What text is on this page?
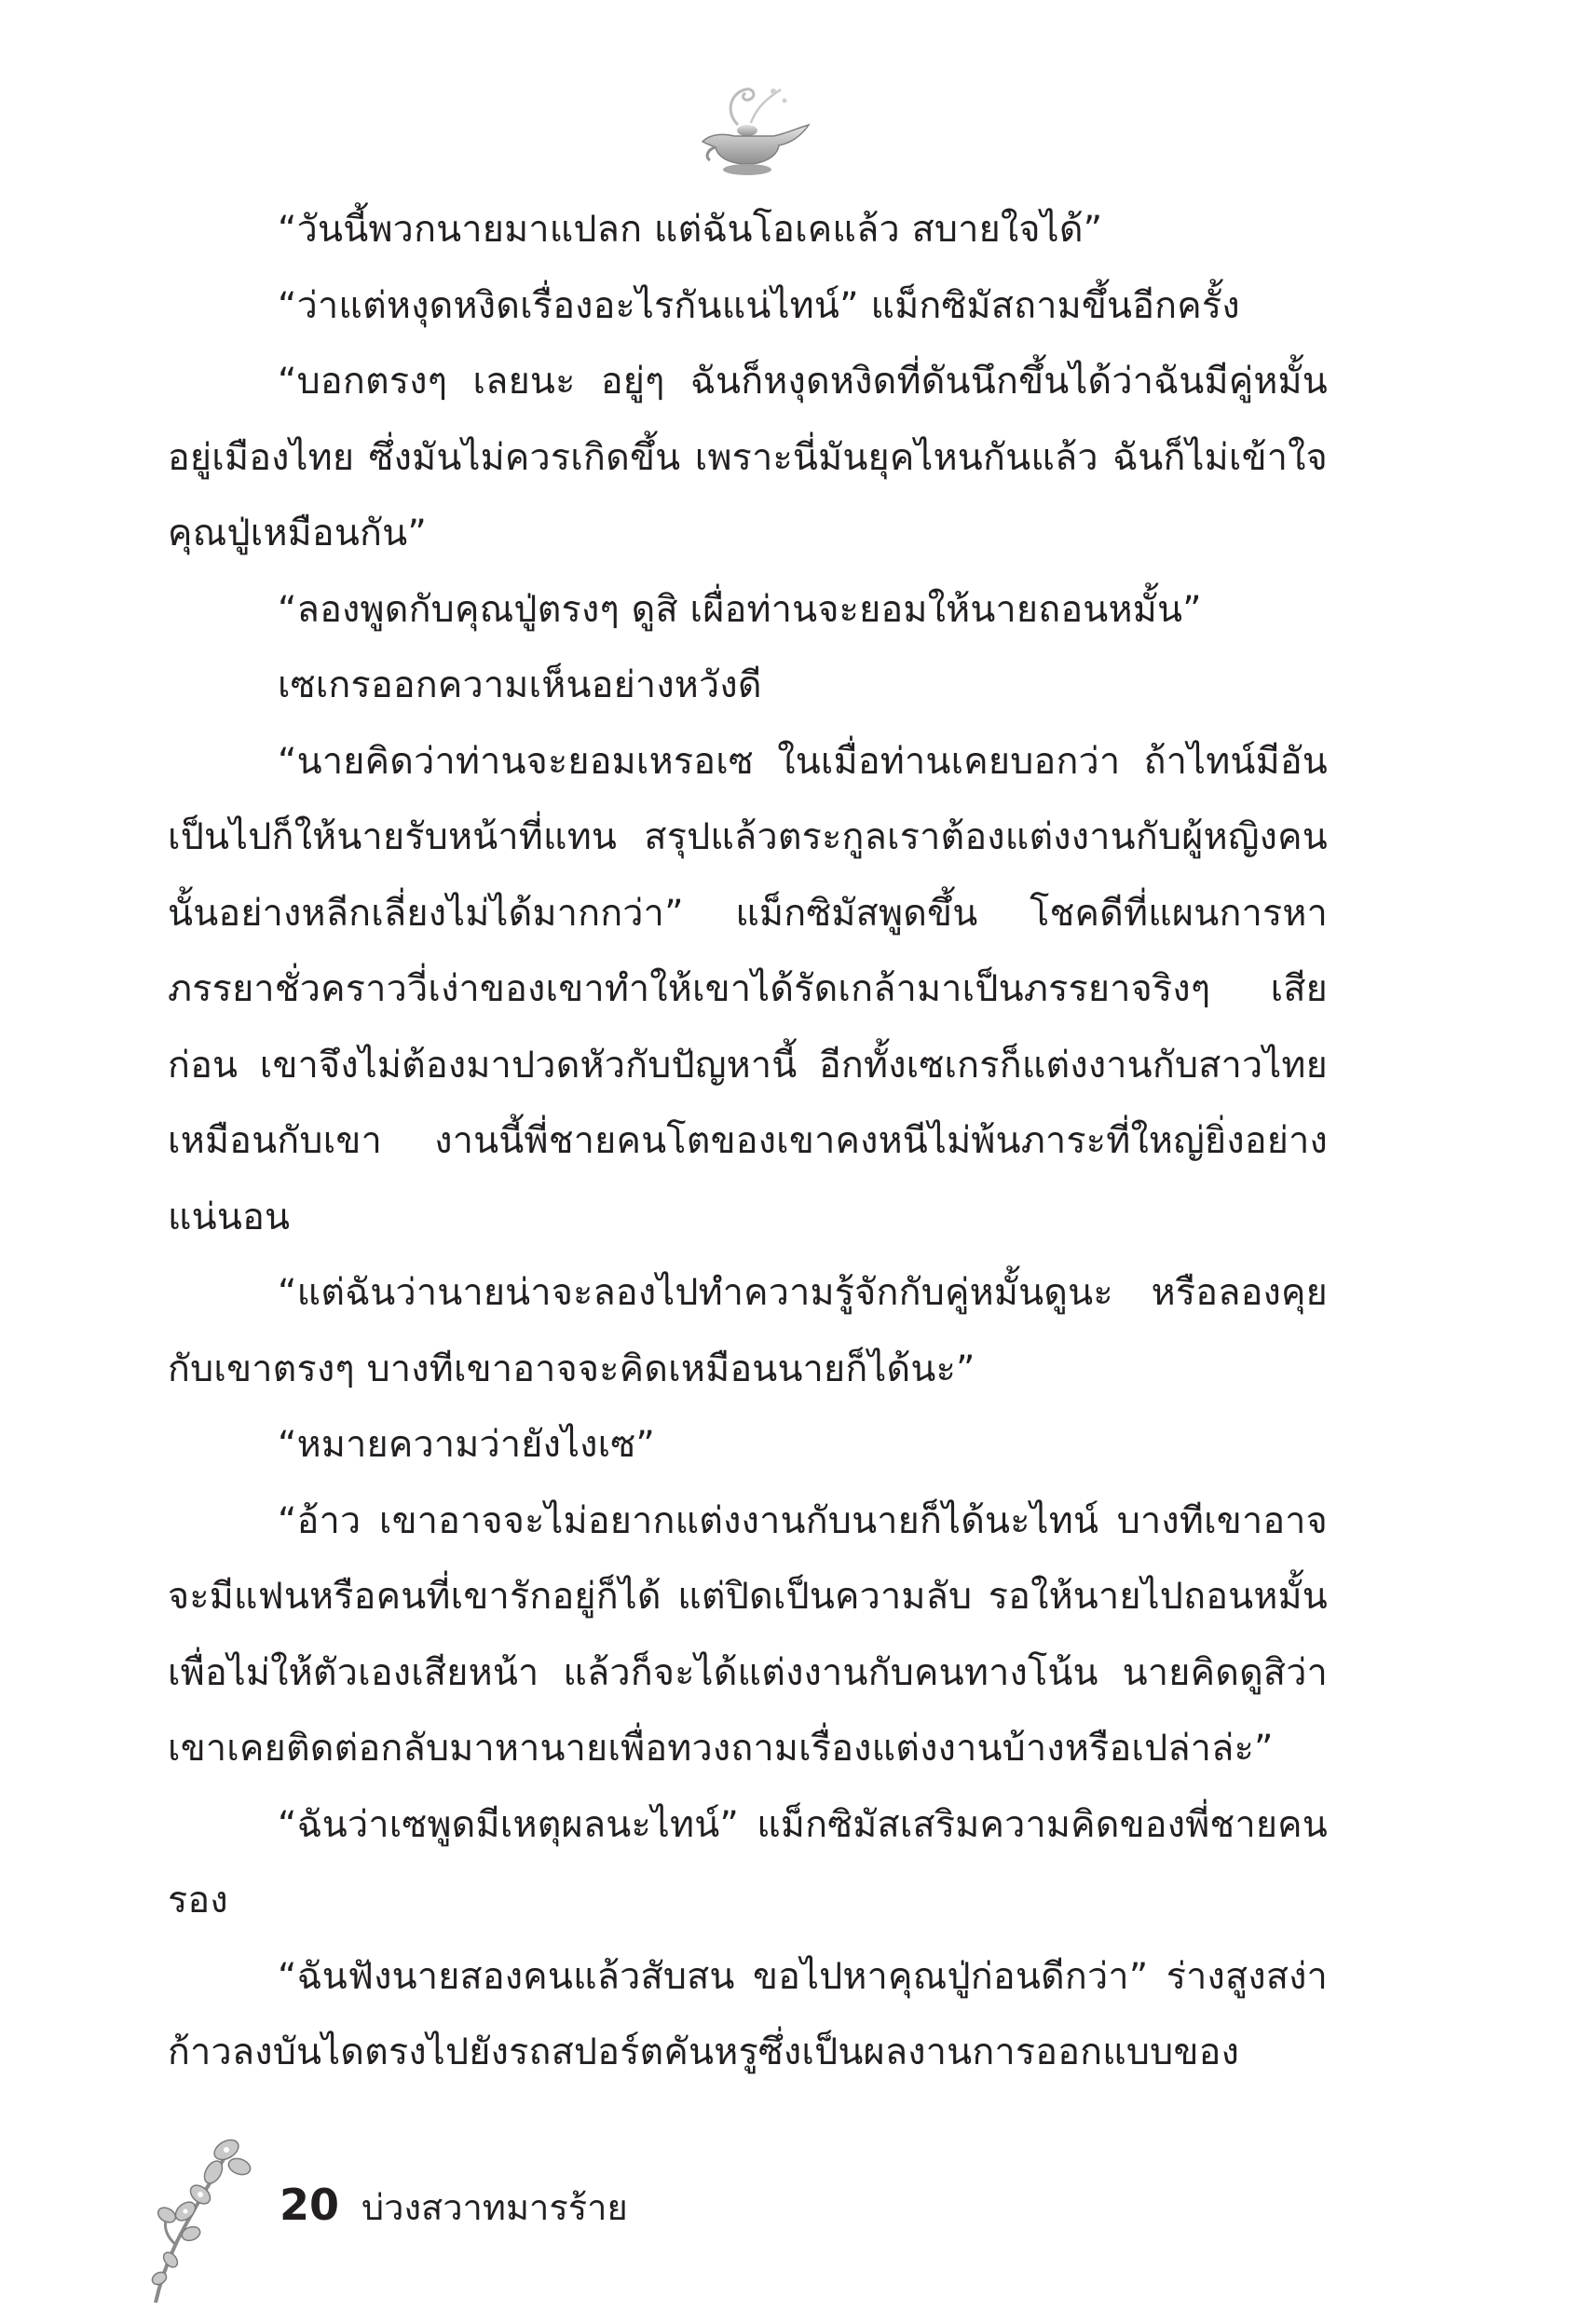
“วันนี้พวกนายมาแปลก แต่ฉันโอเคแล้ว สบายใจได้”

“ว่าแต่หงุดหงิดเรื่องอะไรกันแน่ไทน์” แม็กซิมัสถามขึ้นอีกครั้ง

“บอกตรงๆ เลยนะ อยู่ๆ ฉันก็หงุดหงิดที่ดันนึกขึ้นได้ว่าฉันมีคู่หมั้นอยู่เมืองไทย ซึ่งมันไม่ควรเกิดขึ้น เพราะนี่มันยุคไหนกันแล้ว ฉันก็ไม่เข้าใจคุณปู่เหมือนกัน”

“ลองพูดกับคุณปู่ตรงๆ ดูสิ เผื่อท่านจะยอมให้นายถอนหมั้น”

เซเกรออกความเห็นอย่างหวังดี

“นายคิดว่าท่านจะยอมเหรอเซ ในเมื่อท่านเคยบอกว่า ถ้าไทน์มีอันเป็นไปก็ให้นายรับหน้าที่แทน สรุปแล้วตระกูลเราต้องแต่งงานกับผู้หญิงคนนั้นอย่างหลีกเลี่ยงไม่ได้มากกว่า” แม็กซิมัสพูดขึ้น โชคดีที่แผนการหาภรรยาชั่วคราววี่เง่าของเขาทำให้เขาได้รัดเกล้ามาเป็นภรรยาจริงๆ เสียก่อน เขาจึงไม่ต้องมาปวดหัวกับปัญหานี้ อีกทั้งเซเกรก็แต่งงานกับสาวไทยเหมือนกับเขา งานนี้พี่ชายคนโตของเขาคงหนีไม่พ้นภาระที่ใหญ่ยิ่งอย่างแน่นอน

“แต่ฉันว่านายน่าจะลองไปทำความรู้จักกับคู่หมั้นดูนะ หรือลองคุยกับเขาตรงๆ บางทีเขาอาจจะคิดเหมือนนายก็ได้นะ”

“หมายความว่ายังไงเซ”

“อ้าว เขาอาจจะไม่อยากแต่งงานกับนายก็ได้นะไทน์ บางทีเขาอาจจะมีแฟนหรือคนที่เขารักอยู่ก็ได้ แต่ปิดเป็นความลับ รอให้นายไปถอนหมั้นเพื่อไม่ให้ตัวเองเสียหน้า แล้วก็จะได้แต่งงานกับคนทางโน้น นายคิดดูสิว่าเขาเคยติดต่อกลับมาหานายเพื่อทวงถามเรื่องแต่งงานบ้างหรือเปล่าล่ะ”

“ฉันว่าเซพูดมีเหตุผลนะไทน์” แม็กซิมัสเสริมความคิดของพี่ชายคนรอง

“ฉันฟังนายสองคนแล้วสับสน ขอไปหาคุณปู่ก่อนดีกว่า” ร่างสูงสง่าก้าวลงบันไดตรงไปยังรถสปอร์ตคันหรูซึ่งเป็นผลงานการออกแบบของ

20 บ่วงสวาทมารร้าย
